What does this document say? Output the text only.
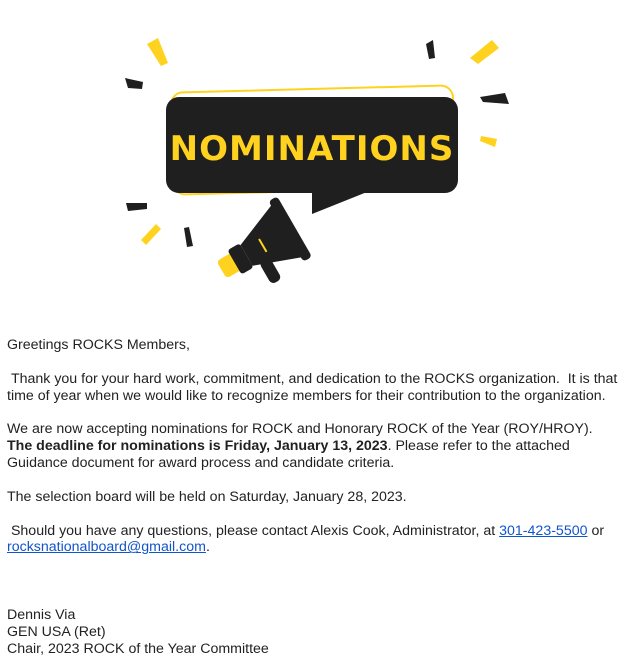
NOMINATIONS

Greetings ROCKS Members,

Thank you for your hard work, commitment, and dedication to the ROCKS organization.  It is that time of year when we would like to recognize members for their contribution to the organization.

We are now accepting nominations for ROCK and Honorary ROCK of the Year (ROY/HROY). The deadline for nominations is Friday, January 13, 2023. Please refer to the attached Guidance document for award process and candidate criteria.

The selection board will be held on Saturday, January 28, 2023.

Should you have any questions, please contact Alexis Cook, Administrator, at 301-423-5500 or rocksnationalboard@gmail.com.

Dennis Via
GEN USA (Ret)
Chair, 2023 ROCK of the Year Committee
